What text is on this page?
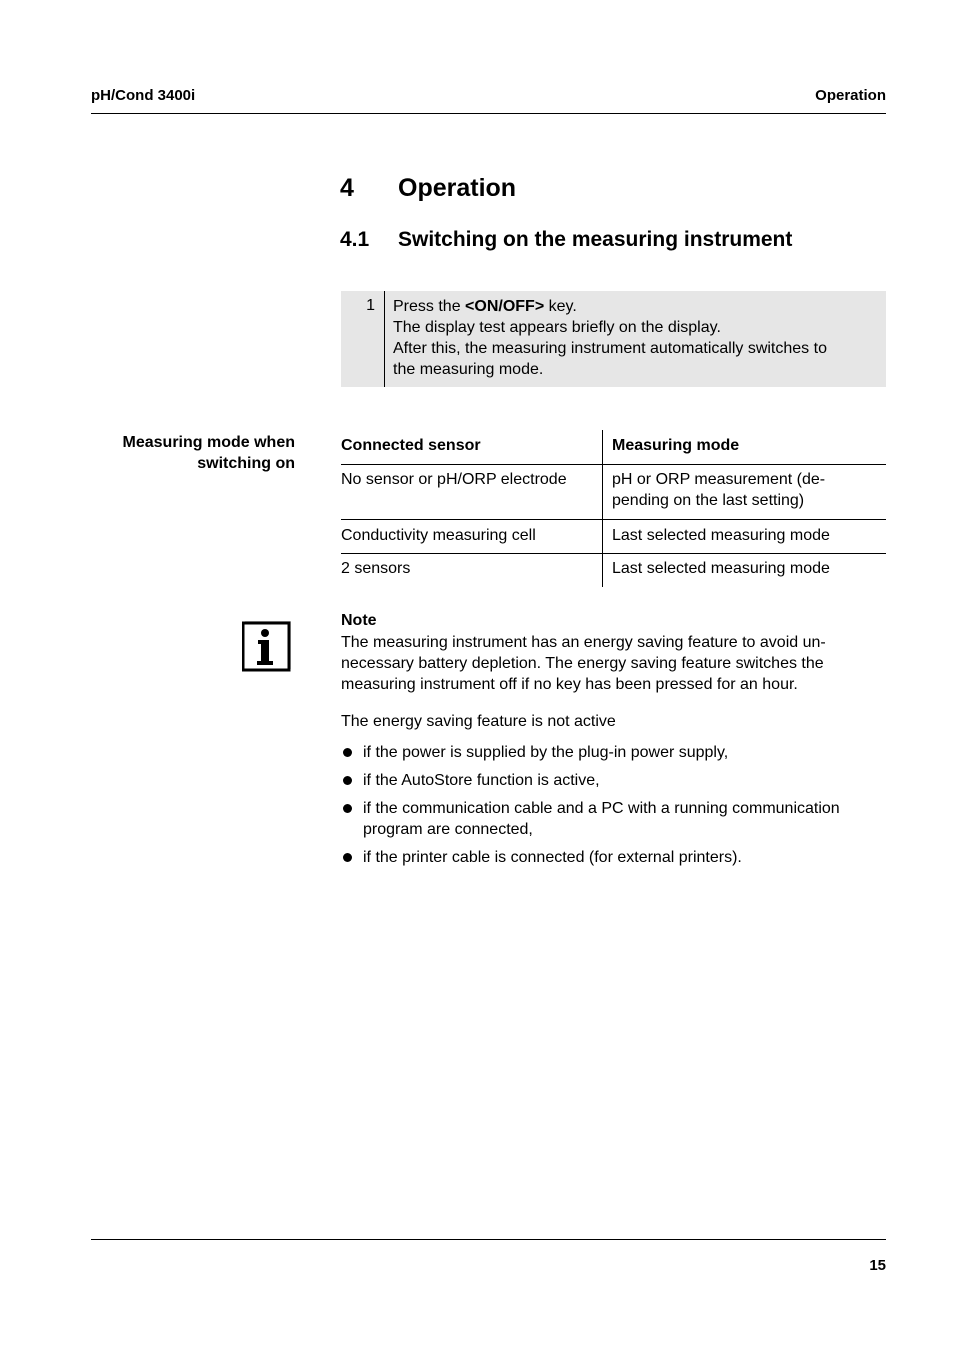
pH/Cond 3400i	Operation
4 Operation
4.1 Switching on the measuring instrument
1 Press the <ON/OFF> key.
The display test appears briefly on the display.
After this, the measuring instrument automatically switches to
the measuring mode.
Measuring mode when
switching on
Connected sensor	Measuring mode
No sensor or pH/ORP electrode	pH or ORP measurement (de-
pending on the last setting)
Conductivity measuring cell	Last selected measuring mode
2 sensors	Last selected measuring mode
Note
The measuring instrument has an energy saving feature to avoid un-
necessary battery depletion. The energy saving feature switches the
measuring instrument off if no key has been pressed for an hour.
The energy saving feature is not active
if the power is supplied by the plug-in power supply,
if the AutoStore function is active,
if the communication cable and a PC with a running communication
program are connected,
if the printer cable is connected (for external printers).
15
